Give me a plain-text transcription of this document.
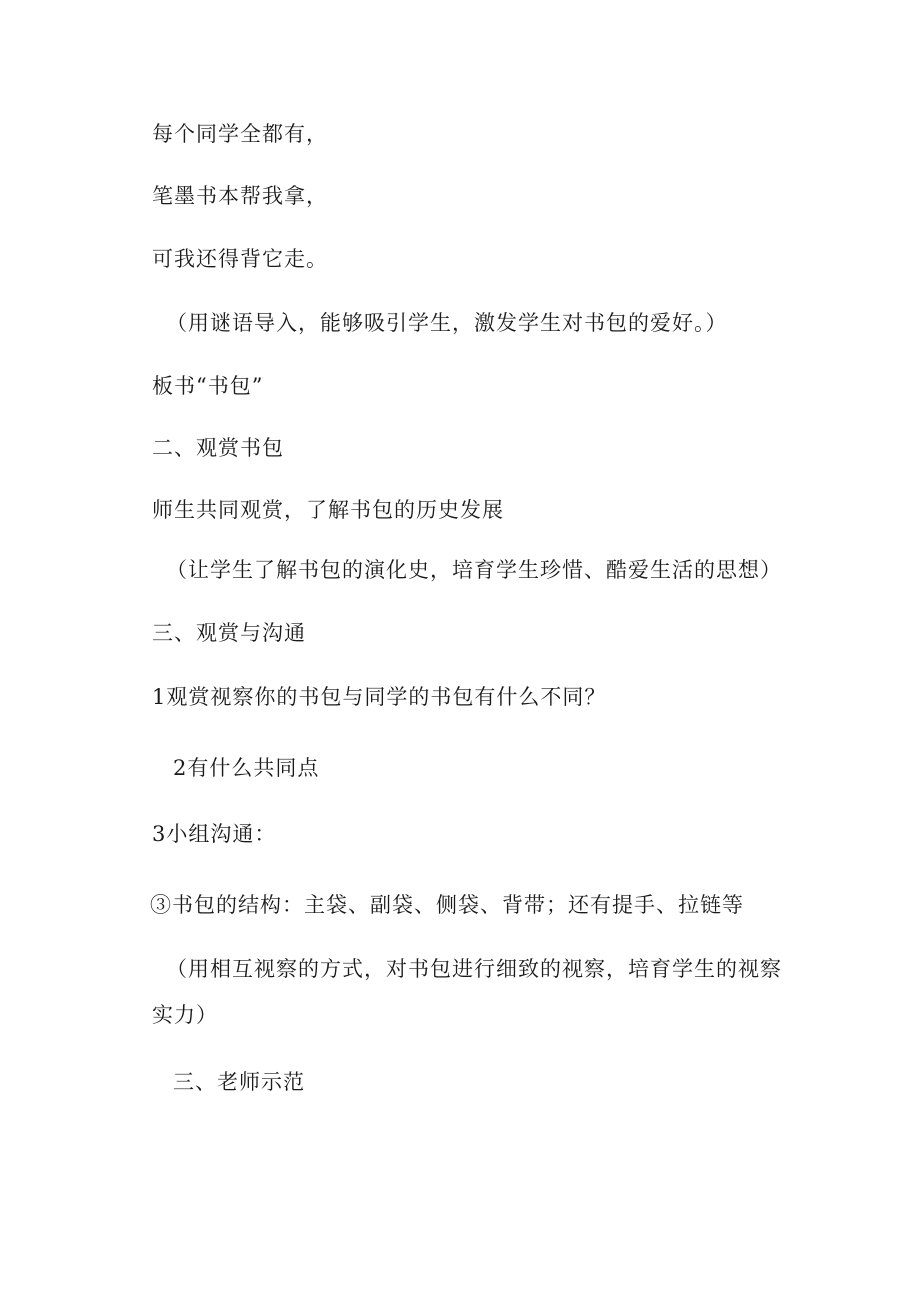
每个同学全都有，
笔墨书本帮我拿，
可我还得背它走。
（用谜语导入，能够吸引学生，激发学生对书包的爱好。）
板书“书包”
二、观赏书包
师生共同观赏，了解书包的历史发展
（让学生了解书包的演化史，培育学生珍惜、酷爱生活的思想）
三、观赏与沟通
1观赏视察你的书包与同学的书包有什么不同？
2有什么共同点
3小组沟通：
③书包的结构：主袋、副袋、侧袋、背带；还有提手、拉链等
（用相互视察的方式，对书包进行细致的视察，培育学生的视察
实力）
三、老师示范
